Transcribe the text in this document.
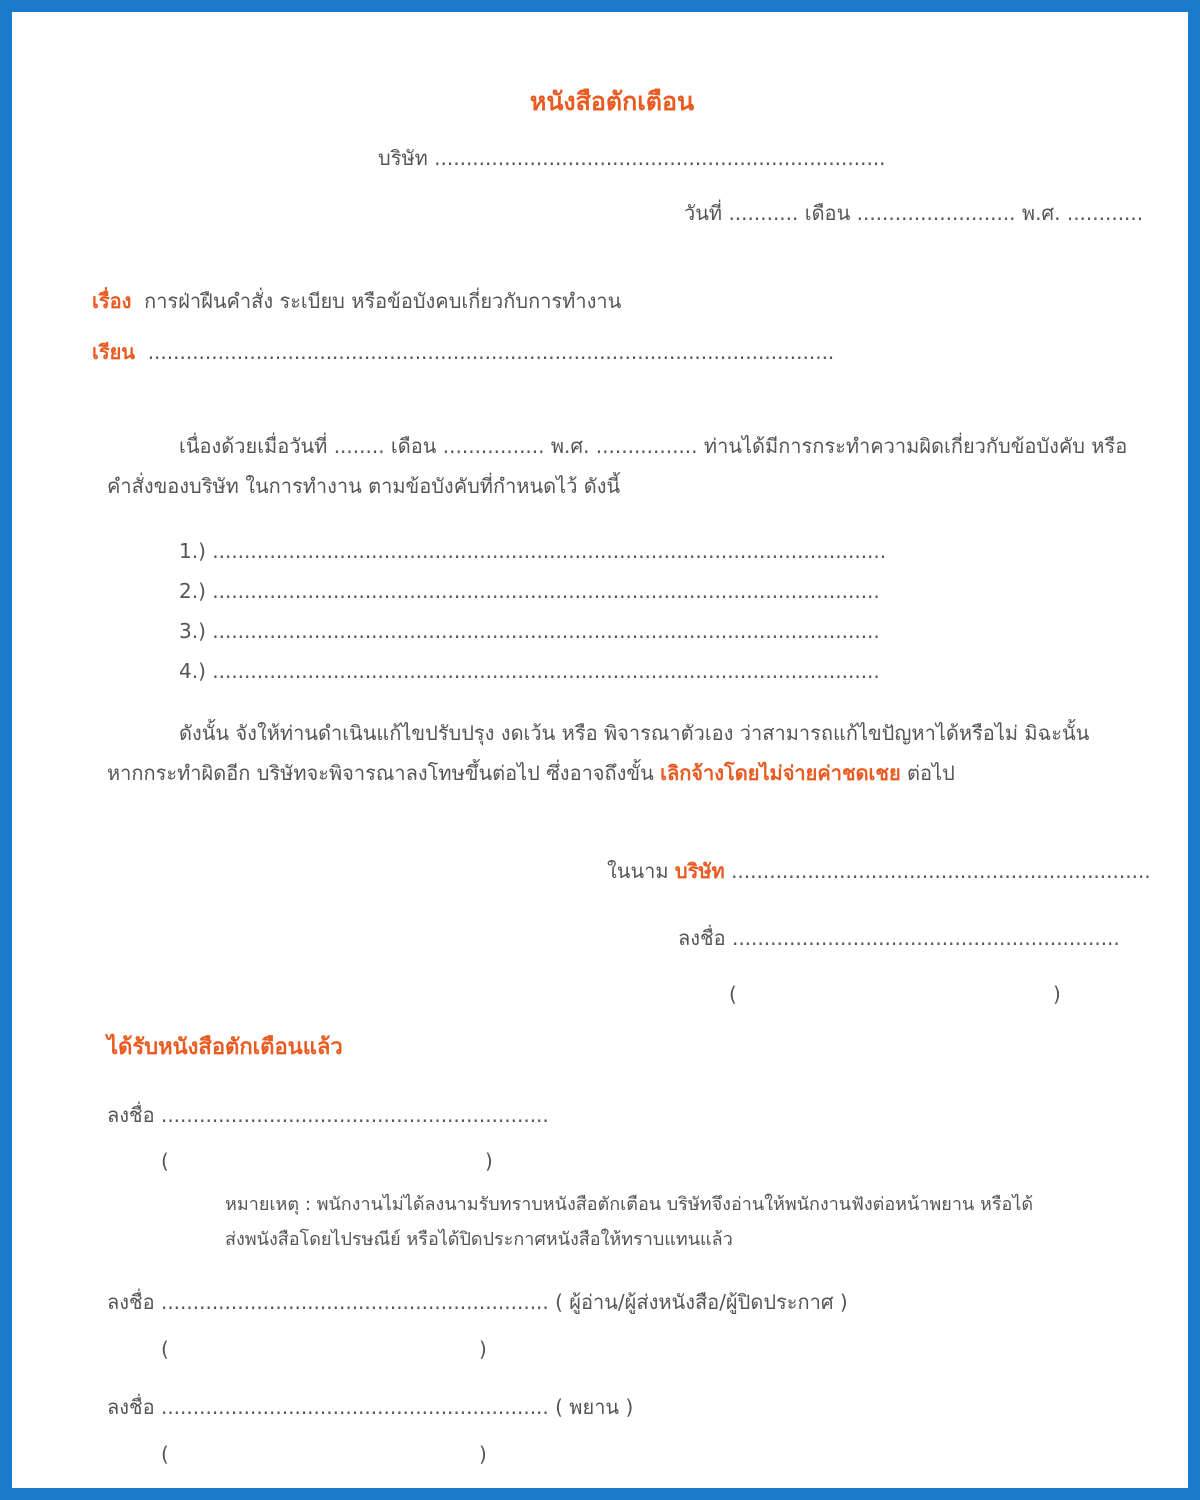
หนังสือตักเตือน
บริษัท .......................................................................
วันที่ ........... เดือน ......................... พ.ศ. ............
เรื่อง การฝ่าฝืนคำสั่ง ระเบียบ หรือข้อบังคบเกี่ยวกับการทำงาน
เรียน ............................................................................................................
เนื่องด้วยเมื่อวันที่ ........ เดือน ................ พ.ศ. ................ ท่านได้มีการกระทำความผิดเกี่ยวกับข้อบังคับ หรือ
คำสั่งของบริษัท ในการทำงาน ตามข้อบังคับที่กำหนดไว้ ดังนี้
1.) ..........................................................................................................
2.) .........................................................................................................
3.) .........................................................................................................
4.) .........................................................................................................
ดังนั้น จังให้ท่านดำเนินแก้ไขปรับปรุง งดเว้น หรือ พิจารณาตัวเอง ว่าสามารถแก้ไขปัญหาได้หรือไม่ มิฉะนั้น
หากกระทำผิดอีก บริษัทจะพิจารณาลงโทษขึ้นต่อไป ซึ่งอาจถึงขั้น เลิกจ้างโดยไม่จ่ายค่าชดเชย ต่อไป
ในนาม บริษัท ..................................................................
ลงชื่อ .............................................................
(	)
ได้รับหนังสือตักเตือนแล้ว
ลงชื่อ .............................................................
(	)
หมายเหตุ : พนักงานไม่ได้ลงนามรับทราบหนังสือตักเตือน บริษัทจึงอ่านให้พนักงานฟังต่อหน้าพยาน หรือได้
ส่งพนังสือโดยไปรษณีย์ หรือได้ปิดประกาศหนังสือให้ทราบแทนแล้ว
ลงชื่อ ............................................................. ( ผู้อ่าน/ผู้ส่งหนังสือ/ผู้ปิดประกาศ )
(	)
ลงชื่อ ............................................................. ( พยาน )
(	)
